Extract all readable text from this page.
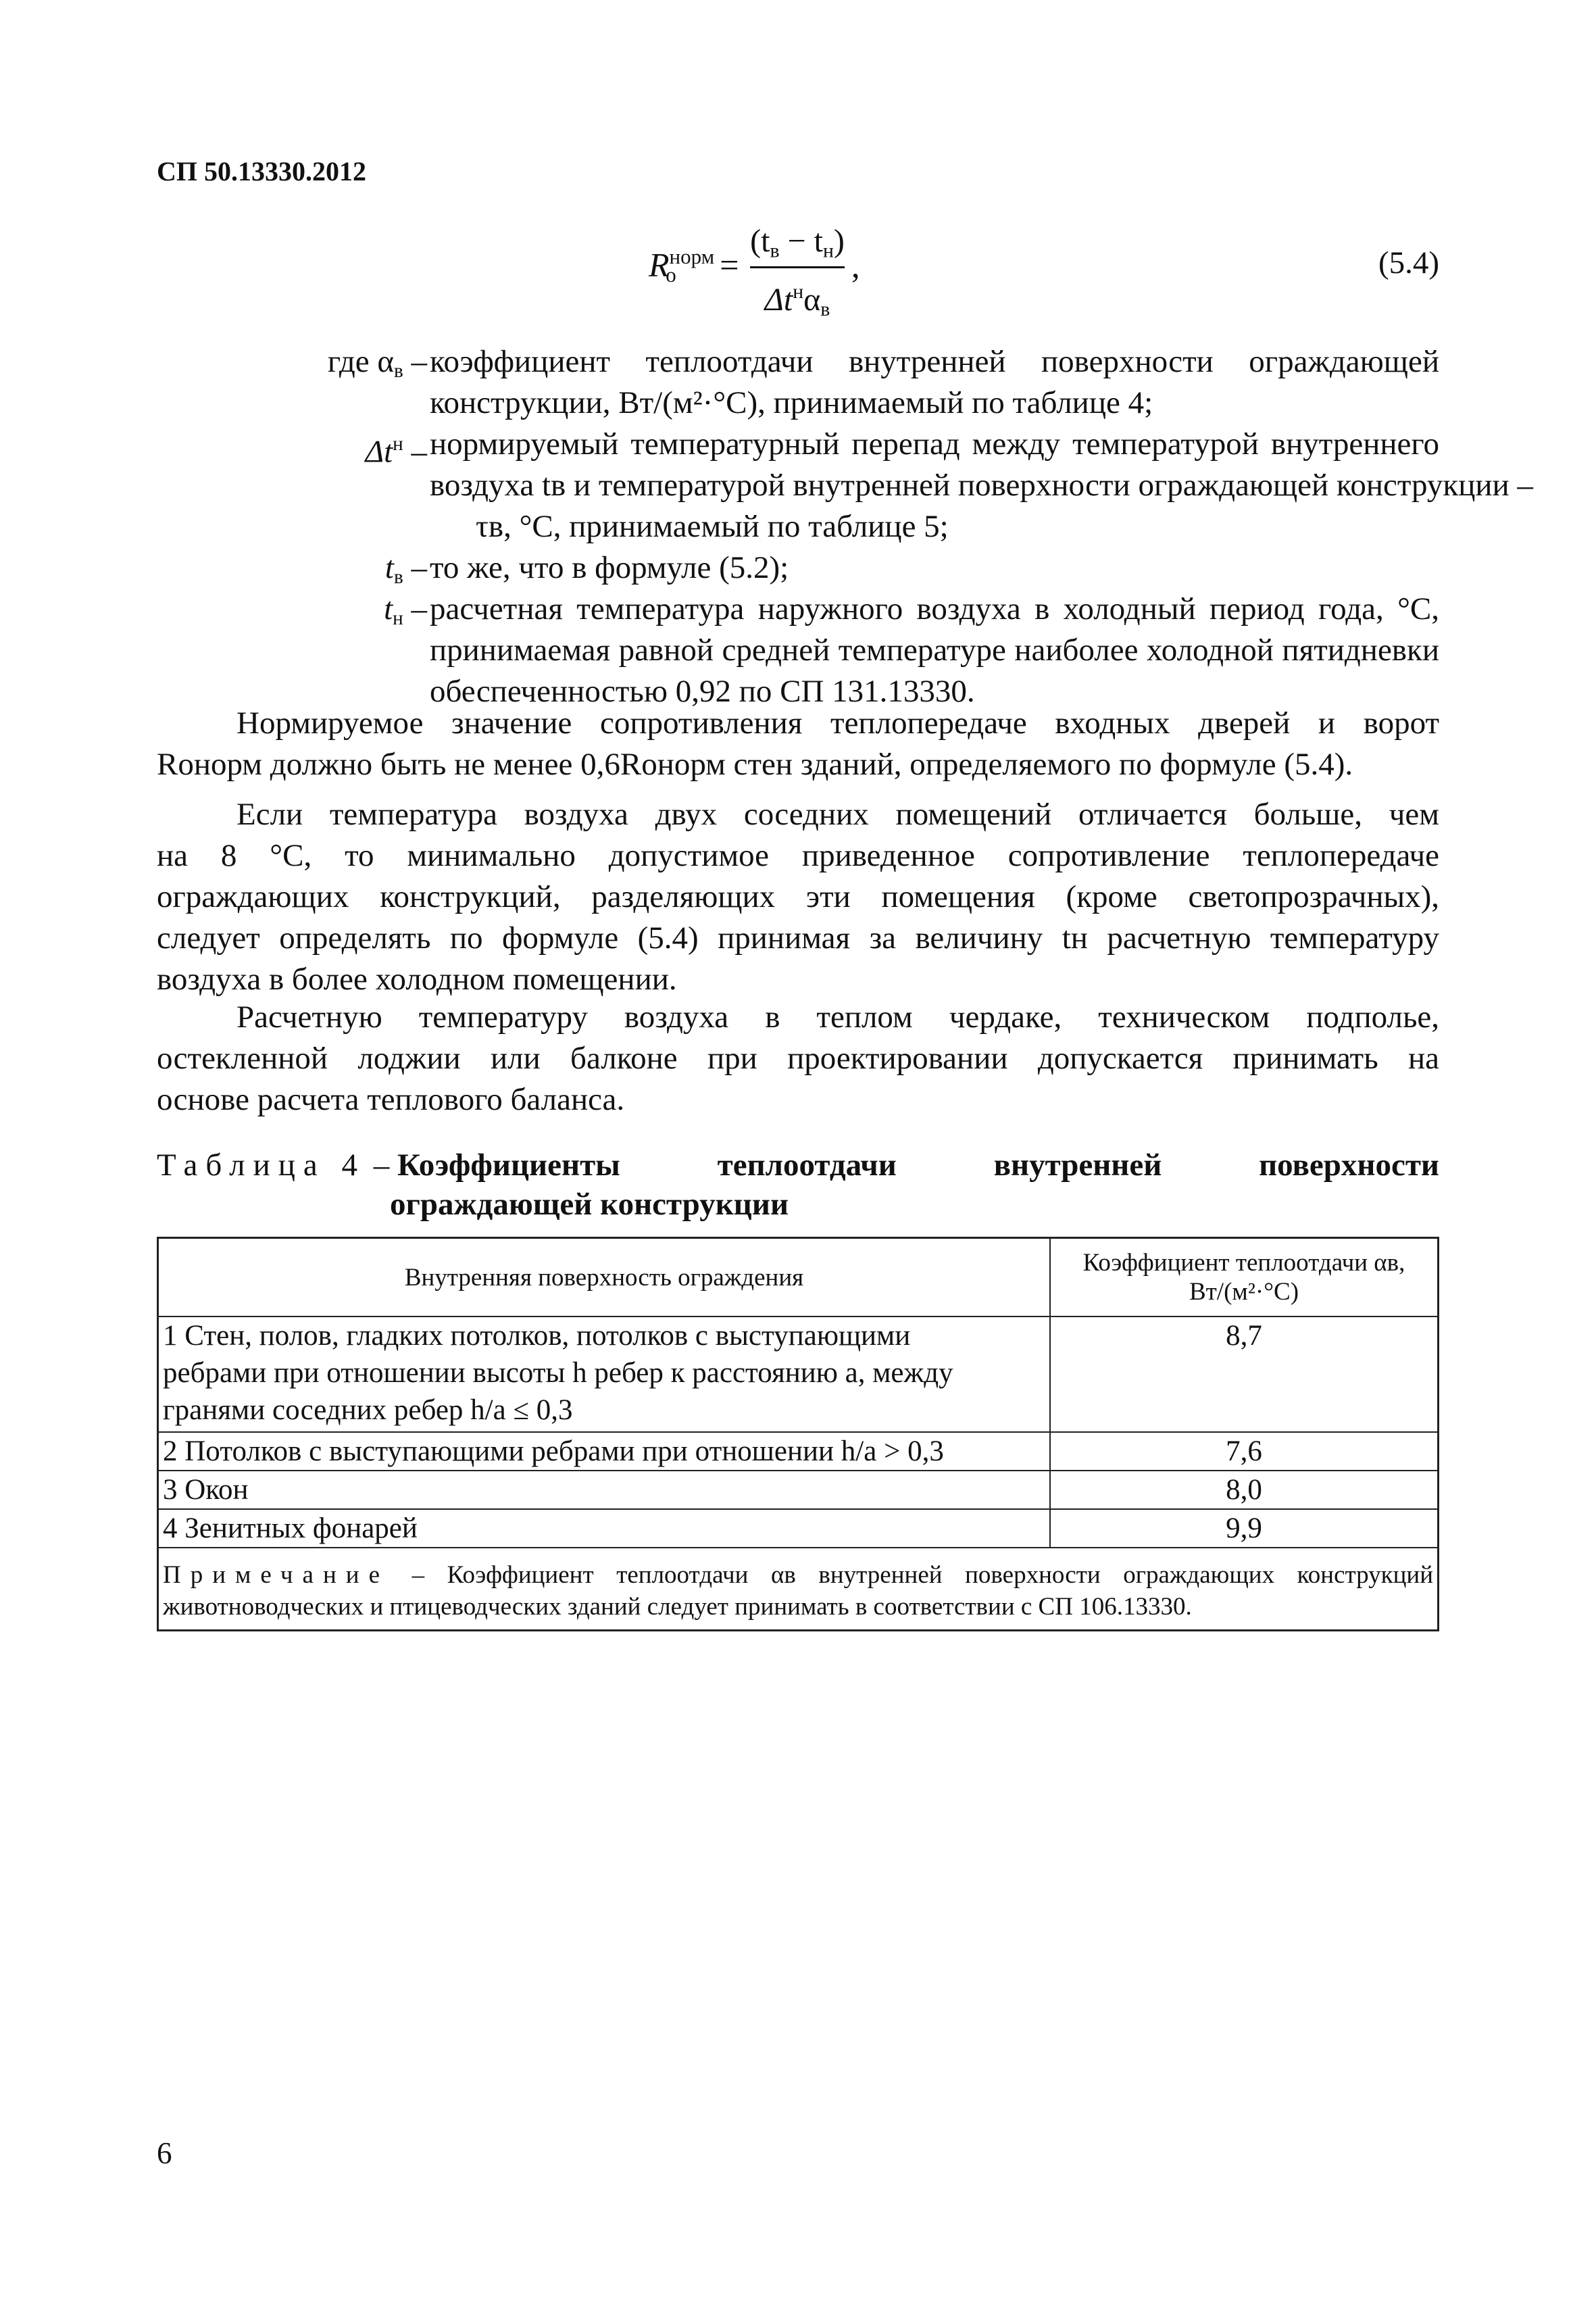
СП 50.13330.2012
$R^{норм}_о$ =
$(t_в - t_н)$
$\Delta t^н\alpha_в$
,	(5.4)
где $\alpha_в$ – коэффициент теплоотдачи внутренней поверхности ограждающей
конструкции, Вт/(м²·°С), принимаемый по таблице 4;
$\Delta t^н$ – нормируемый температурный перепад между температурой внутреннего
воздуха tв и температурой внутренней поверхности ограждающей конструкции –
τв, °С, принимаемый по таблице 5;
$t_в$ – то же, что в формуле (5.2);
$t_н$ – расчетная температура наружного воздуха в холодный период года, °С,
принимаемая равной средней температуре наиболее холодной пятидневки
обеспеченностью 0,92 по СП 131.13330.
Нормируемое значение сопротивления теплопередаче входных дверей и ворот
Rонорм должно быть не менее 0,6Rонорм стен зданий, определяемого по формуле (5.4).
Если температура воздуха двух соседних помещений отличается больше, чем
на 8 °С, то минимально допустимое приведенное сопротивление теплопередаче
ограждающих конструкций, разделяющих эти помещения (кроме светопрозрачных),
следует определять по формуле (5.4) принимая за величину tн расчетную температуру
воздуха в более холодном помещении.
Расчетную температуру воздуха в теплом чердаке, техническом подполье,
остекленной лоджии или балконе при проектировании допускается принимать на
основе расчета теплового баланса.
Таблица 4 – Коэффициенты теплоотдачи внутренней поверхности
ограждающей конструкции
Внутренняя поверхность ограждения	Коэффициент теплоотдачи αв, Вт/(м²·°С)

1 Стен, полов, гладких потолков, потолков с выступающими
ребрами при отношении высоты h ребер к расстоянию a, между
гранями соседних ребер h/a ≤ 0,3	8,7
2 Потолков с выступающими ребрами при отношении h/a > 0,3	7,6
3 Окон	8,0
4 Зенитных фонарей	9,9
Примечание – Коэффициент теплоотдачи αв внутренней поверхности ограждающих конструкций животноводческих и птицеводческих зданий следует принимать в соответствии с СП 106.13330.	
6
